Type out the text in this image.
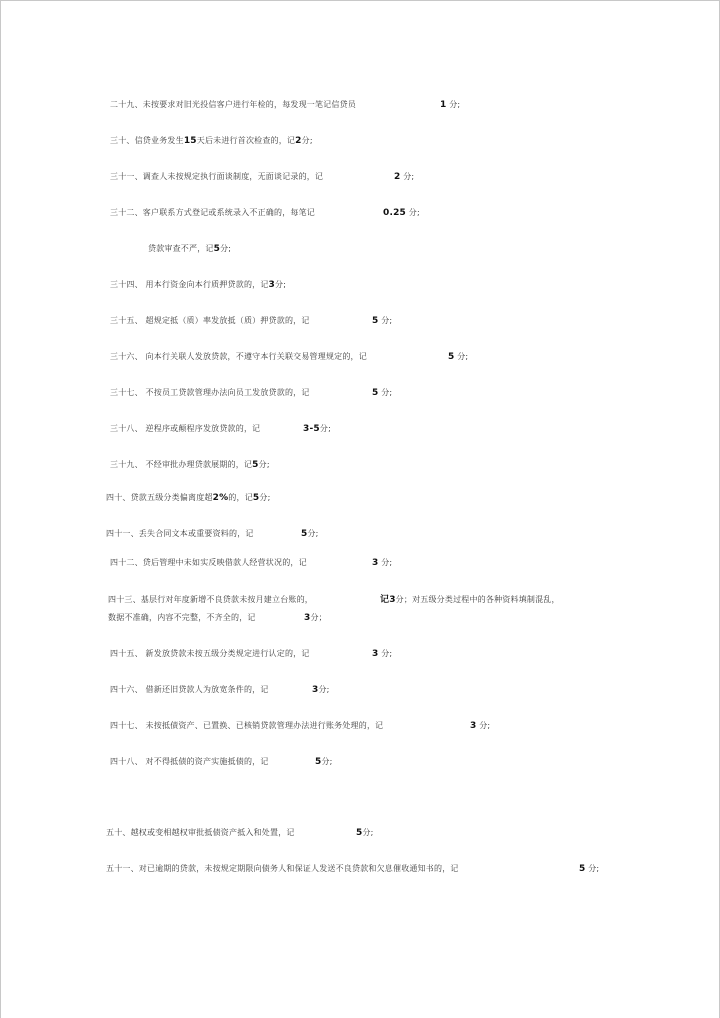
二十九、未按要求对旧光投信客户进行年检的，每发现一笔记信贷员	1 分;
三十、信贷业务发生15天后未进行首次检查的，记2分;
三十一、调查人未按规定执行面谈制度，无面谈记录的，记	2 分;
三十二、客户联系方式登记或系统录入不正确的，每笔记	0.25 分;
贷款审查不严，记5分;
三十四、 用本行资金向本行质押贷款的，记3分;
三十五、 超规定抵（质）率发放抵（质）押贷款的，记	5 分;
三十六、 向本行关联人发放贷款，不遵守本行关联交易管理规定的，记	5 分;
三十七、 不按员工贷款管理办法向员工发放贷款的，记	5 分;
三十八、 逆程序或颠程序发放贷款的，记	3-5分;
三十九、 不经审批办理贷款展期的，记5分;
四十、贷款五级分类偏离度超2%的，记5分;
四十一、丢失合同文本或重要资料的，记	5分;
四十二、贷后管理中未如实反映借款人经营状况的，记	3 分;
四十三、基层行对年度新增不良贷款未按月建立台账的，	记3分；对五级分类过程中的各种资料填制混乱，
数据不准确，内容不完整，不齐全的，记	3分；
四十五、 新发放贷款未按五级分类规定进行认定的，记	3 分;
四十六、 借新还旧贷款人为放宽条件的，记	3分;
四十七、 未按抵债资产、已置换、已核销贷款管理办法进行账务处理的，记	3 分;
四十八、 对不得抵债的资产实施抵债的，记	5分;
五十、越权或变相越权审批抵债资产抵入和处置，记	5分;
五十一、对已逾期的贷款，未按规定期限向债务人和保证人发送不良贷款和欠息催收通知书的，记	5 分;
